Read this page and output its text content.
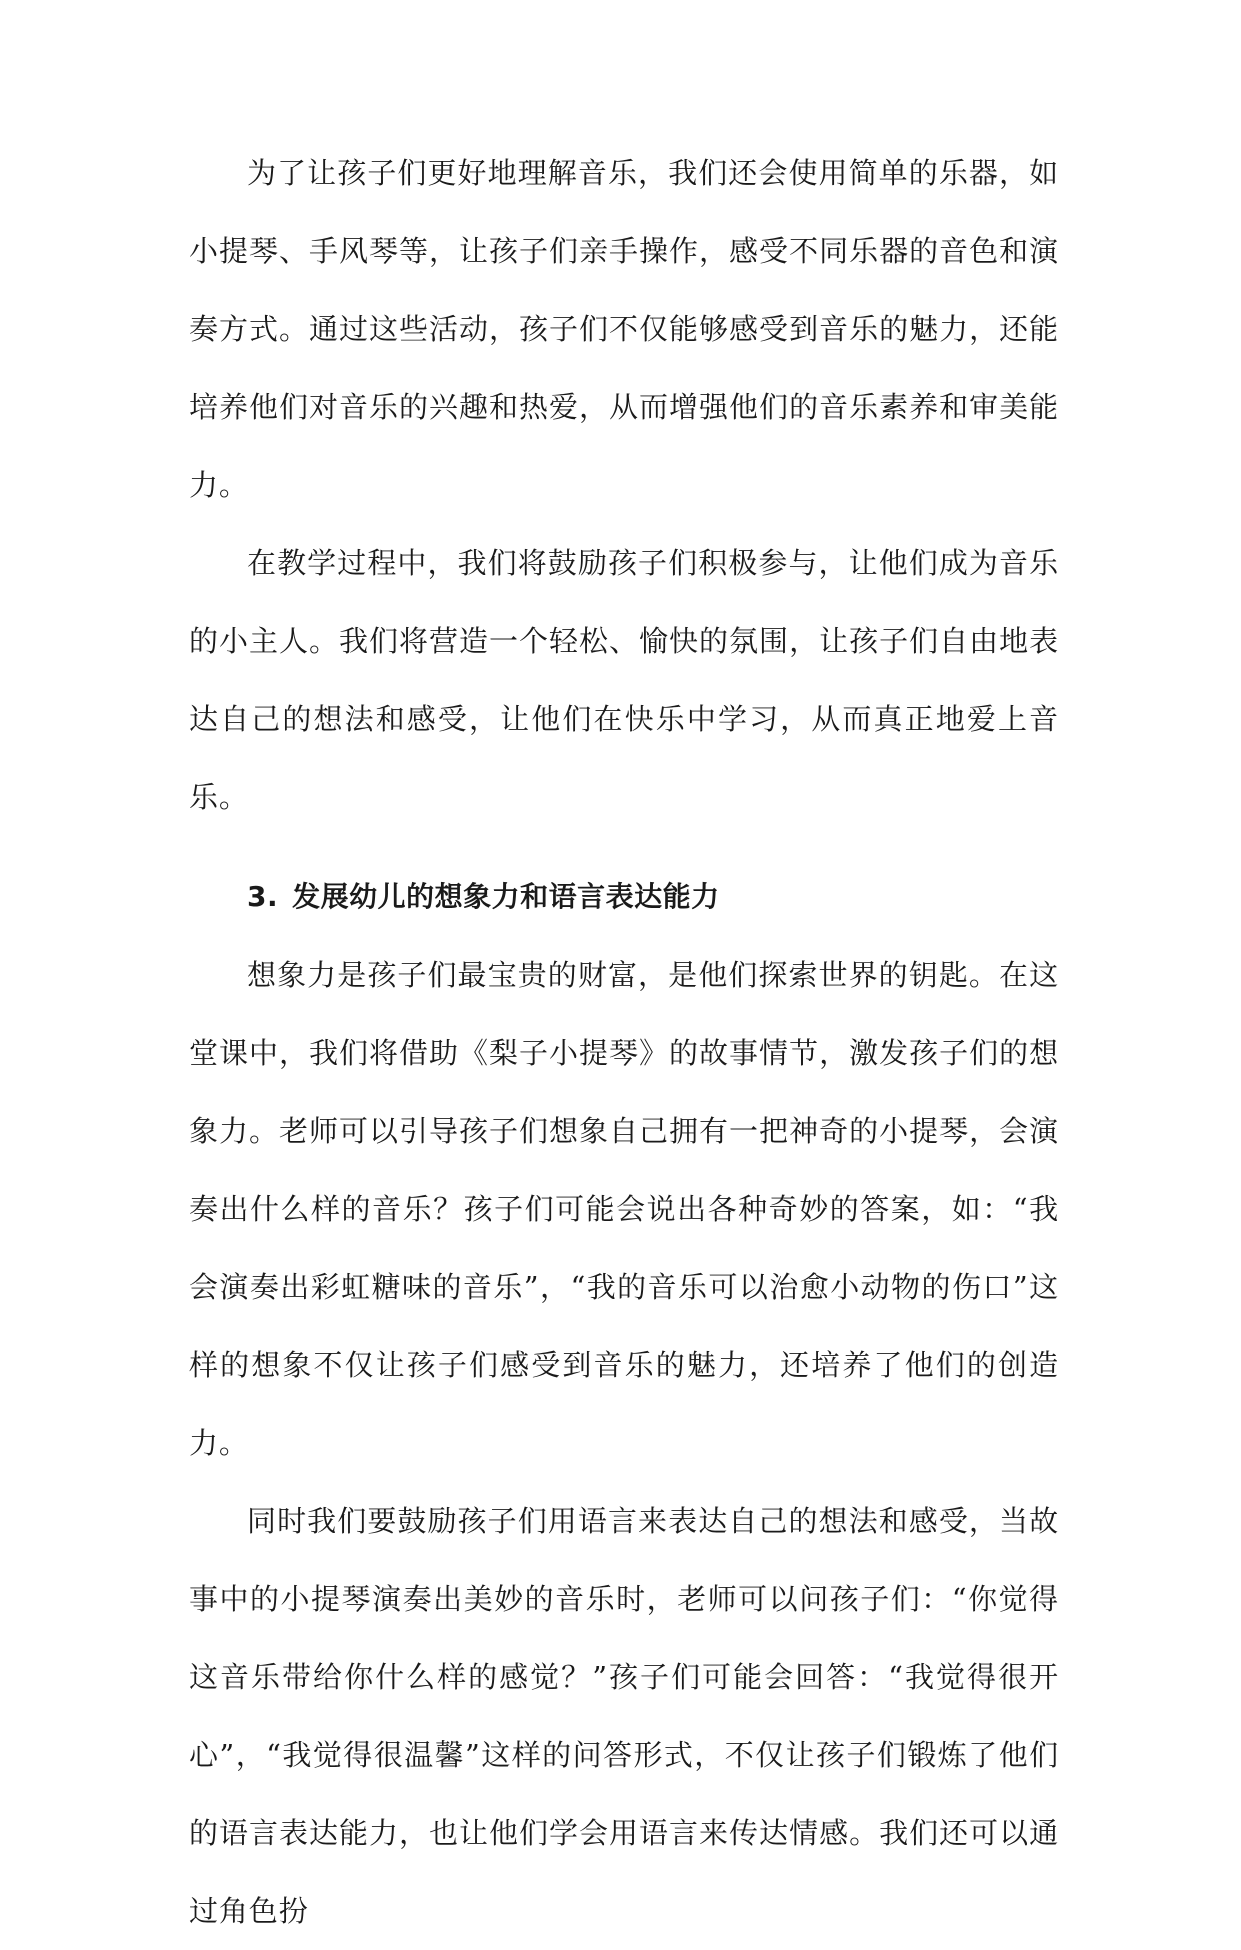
为了让孩子们更好地理解音乐，我们还会使用简单的乐器，如小提琴、手风琴等，让孩子们亲手操作，感受不同乐器的音色和演奏方式。通过这些活动，孩子们不仅能够感受到音乐的魅力，还能培养他们对音乐的兴趣和热爱，从而增强他们的音乐素养和审美能力。

在教学过程中，我们将鼓励孩子们积极参与，让他们成为音乐的小主人。我们将营造一个轻松、愉快的氛围，让孩子们自由地表达自己的想法和感受，让他们在快乐中学习，从而真正地爱上音乐。

3. 发展幼儿的想象力和语言表达能力

想象力是孩子们最宝贵的财富，是他们探索世界的钥匙。在这堂课中，我们将借助《梨子小提琴》的故事情节，激发孩子们的想象力。老师可以引导孩子们想象自己拥有一把神奇的小提琴，会演奏出什么样的音乐？孩子们可能会说出各种奇妙的答案，如：“我会演奏出彩虹糖味的音乐”，“我的音乐可以治愈小动物的伤口”这样的想象不仅让孩子们感受到音乐的魅力，还培养了他们的创造力。

同时我们要鼓励孩子们用语言来表达自己的想法和感受，当故事中的小提琴演奏出美妙的音乐时，老师可以问孩子们：“你觉得这音乐带给你什么样的感觉？”孩子们可能会回答：“我觉得很开心”，“我觉得很温馨”这样的问答形式，不仅让孩子们锻炼了他们的语言表达能力，也让他们学会用语言来传达情感。我们还可以通过角色扮
